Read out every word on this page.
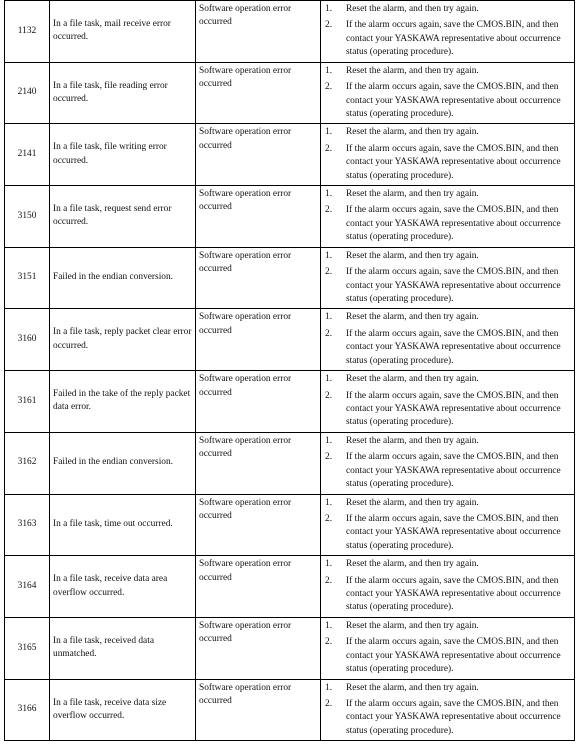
1132	In a file task, mail receive error occurred.	Software operation error occurred	1. Reset the alarm, and then try again.
2. If the alarm occurs again, save the CMOS.BIN, and then contact your YASKAWA representative about occurrence status (operating procedure).

2140	In a file task, file reading error occurred.	Software operation error occurred	1. Reset the alarm, and then try again.
2. If the alarm occurs again, save the CMOS.BIN, and then contact your YASKAWA representative about occurrence status (operating procedure).

2141	In a file task, file writing error occurred.	Software operation error occurred	1. Reset the alarm, and then try again.
2. If the alarm occurs again, save the CMOS.BIN, and then contact your YASKAWA representative about occurrence status (operating procedure).

3150	In a file task, request send error occurred.	Software operation error occurred	1. Reset the alarm, and then try again.
2. If the alarm occurs again, save the CMOS.BIN, and then contact your YASKAWA representative about occurrence status (operating procedure).

3151	Failed in the endian conversion.	Software operation error occurred	1. Reset the alarm, and then try again.
2. If the alarm occurs again, save the CMOS.BIN, and then contact your YASKAWA representative about occurrence status (operating procedure).

3160	In a file task, reply packet clear error occurred.	Software operation error occurred	1. Reset the alarm, and then try again.
2. If the alarm occurs again, save the CMOS.BIN, and then contact your YASKAWA representative about occurrence status (operating procedure).

3161	Failed in the take of the reply packet data error.	Software operation error occurred	1. Reset the alarm, and then try again.
2. If the alarm occurs again, save the CMOS.BIN, and then contact your YASKAWA representative about occurrence status (operating procedure).

3162	Failed in the endian conversion.	Software operation error occurred	1. Reset the alarm, and then try again.
2. If the alarm occurs again, save the CMOS.BIN, and then contact your YASKAWA representative about occurrence status (operating procedure).

3163	In a file task, time out occurred.	Software operation error occurred	1. Reset the alarm, and then try again.
2. If the alarm occurs again, save the CMOS.BIN, and then contact your YASKAWA representative about occurrence status (operating procedure).

3164	In a file task, receive data area overflow occurred.	Software operation error occurred	1. Reset the alarm, and then try again.
2. If the alarm occurs again, save the CMOS.BIN, and then contact your YASKAWA representative about occurrence status (operating procedure).

3165	In a file task, received data unmatched.	Software operation error occurred	1. Reset the alarm, and then try again.
2. If the alarm occurs again, save the CMOS.BIN, and then contact your YASKAWA representative about occurrence status (operating procedure).

3166	In a file task, receive data size overflow occurred.	Software operation error occurred	1. Reset the alarm, and then try again.
2. If the alarm occurs again, save the CMOS.BIN, and then contact your YASKAWA representative about occurrence status (operating procedure).
